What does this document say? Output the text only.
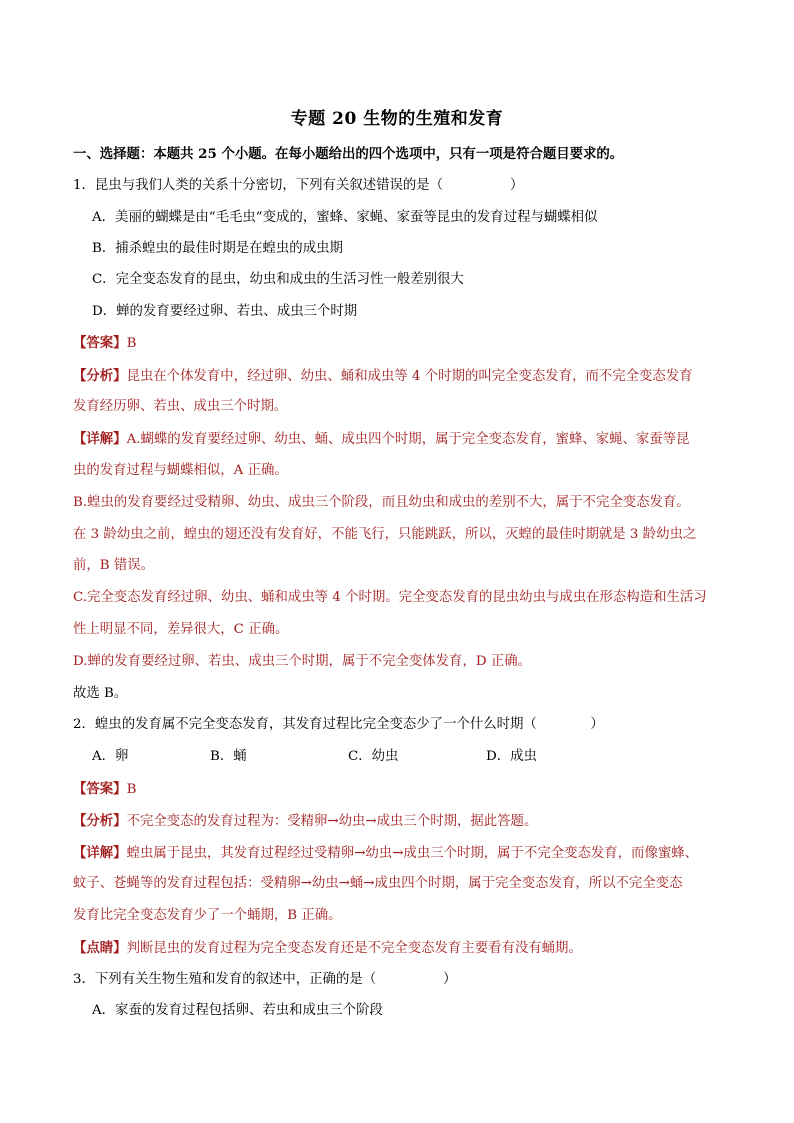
专题 20 生物的生殖和发育
一、选择题：本题共 25 个小题。在每小题给出的四个选项中，只有一项是符合题目要求的。
1．昆虫与我们人类的关系十分密切，下列有关叙述错误的是（　　　　　）
A．美丽的蝴蝶是由“毛毛虫”变成的，蜜蜂、家蝇、家蚕等昆虫的发育过程与蝴蝶相似
B．捕杀蝗虫的最佳时期是在蝗虫的成虫期
C．完全变态发育的昆虫，幼虫和成虫的生活习性一般差别很大
D．蝉的发育要经过卵、若虫、成虫三个时期
【答案】B
【分析】昆虫在个体发育中，经过卵、幼虫、蛹和成虫等 4 个时期的叫完全变态发育，而不完全变态发育
发育经历卵、若虫、成虫三个时期。
【详解】A.蝴蝶的发育要经过卵、幼虫、蛹、成虫四个时期，属于完全变态发育，蜜蜂、家蝇、家蚕等昆
虫的发育过程与蝴蝶相似，A 正确。
B.蝗虫的发育要经过受精卵、幼虫、成虫三个阶段，而且幼虫和成虫的差别不大，属于不完全变态发育。
在 3 龄幼虫之前，蝗虫的翅还没有发育好，不能飞行，只能跳跃，所以，灭蝗的最佳时期就是 3 龄幼虫之
前，B 错误。
C.完全变态发育经过卵、幼虫、蛹和成虫等 4 个时期。完全变态发育的昆虫幼虫与成虫在形态构造和生活习
性上明显不同，差异很大，C 正确。
D.蝉的发育要经过卵、若虫、成虫三个时期，属于不完全变体发育，D 正确。
故选 B。
2．蝗虫的发育属不完全变态发育，其发育过程比完全变态少了一个什么时期（　　　　）
A．卵	B．蛹	C．幼虫	D．成虫
【答案】B
【分析】不完全变态的发育过程为：受精卵→幼虫→成虫三个时期，据此答题。
【详解】蝗虫属于昆虫，其发育过程经过受精卵→幼虫→成虫三个时期，属于不完全变态发育，而像蜜蜂、
蚊子、苍蝇等的发育过程包括：受精卵→幼虫→蛹→成虫四个时期，属于完全变态发育，所以不完全变态
发育比完全变态发育少了一个蛹期，B 正确。
【点睛】判断昆虫的发育过程为完全变态发育还是不完全变态发育主要看有没有蛹期。
3．下列有关生物生殖和发育的叙述中，正确的是（　　　　　）
A．家蚕的发育过程包括卵、若虫和成虫三个阶段
